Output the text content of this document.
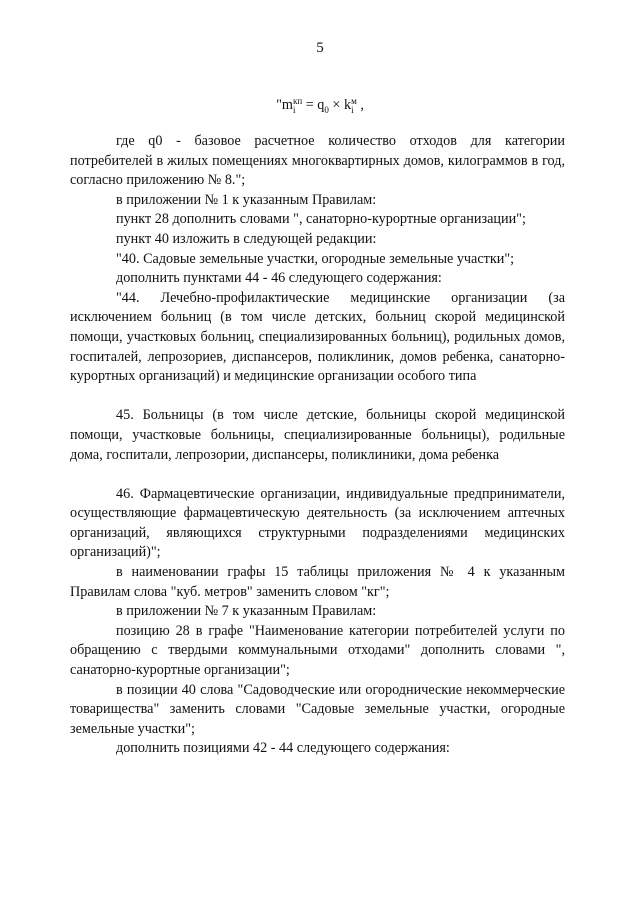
5
"m кп
$i = q_0 \times k$ м
i ,

где q0 - базовое расчетное количество отходов для категории потребителей в жилых помещениях многоквартирных домов, килограммов в год, согласно приложению № 8.";

в приложении № 1 к указанным Правилам:

пункт 28 дополнить словами ", санаторно-курортные организации";

пункт 40 изложить в следующей редакции:

"40. Садовые земельные участки, огородные земельные участки";

дополнить пунктами 44 - 46 следующего содержания:

"44. Лечебно-профилактические медицинские организации (за исключением больниц (в том числе детских, больниц скорой медицинской помощи, участковых больниц, специализированных больниц), родильных домов, госпиталей, лепрозориев, диспансеров, поликлиник, домов ребенка, санаторно-курортных организаций) и медицинские организации особого типа

45. Больницы (в том числе детские, больницы скорой медицинской помощи, участковые больницы, специализированные больницы), родильные дома, госпитали, лепрозории, диспансеры, поликлиники, дома ребенка

46. Фармацевтические организации, индивидуальные предприниматели, осуществляющие фармацевтическую деятельность (за исключением аптечных организаций, являющихся структурными подразделениями медицинских организаций)";

в наименовании графы 15 таблицы приложения № 4 к указанным Правилам слова "куб. метров" заменить словом "кг";

в приложении № 7 к указанным Правилам:

позицию 28 в графе "Наименование категории потребителей услуги по обращению с твердыми коммунальными отходами" дополнить словами ", санаторно-курортные организации";

в позиции 40 слова "Садоводческие или огороднические некоммерческие товарищества" заменить словами "Садовые земельные участки, огородные земельные участки";

дополнить позициями 42 - 44 следующего содержания:
